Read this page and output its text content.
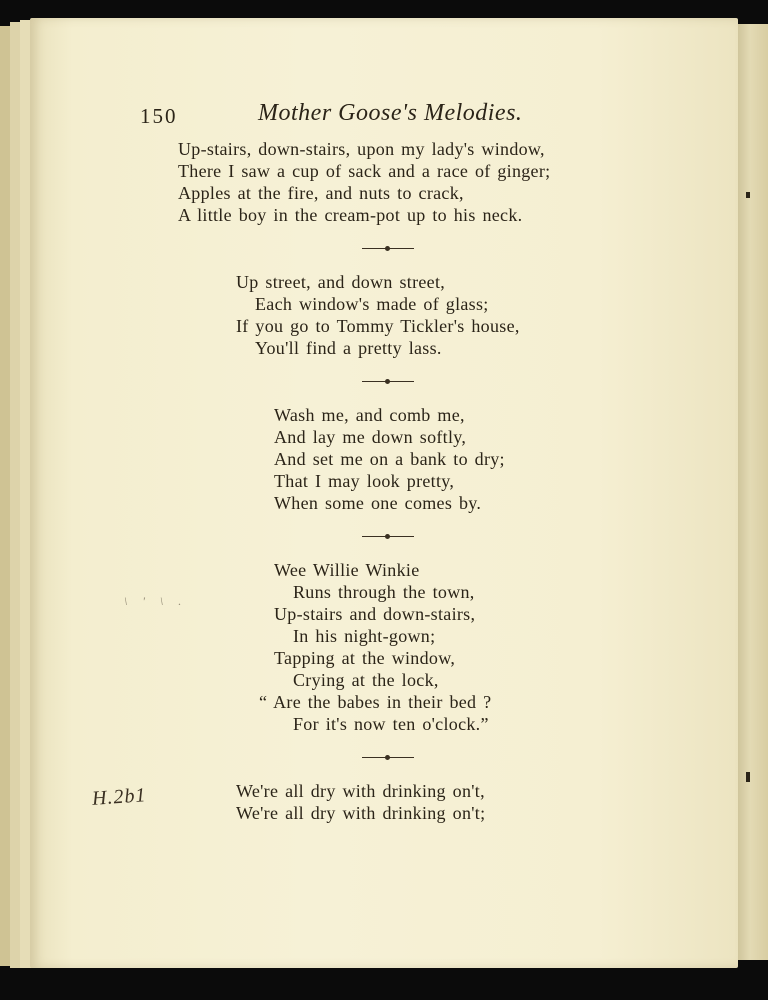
150	Mother Goose's Melodies.
Up-stairs, down-stairs, upon my lady's window,
There I saw a cup of sack and a race of ginger;
Apples at the fire, and nuts to crack,
A little boy in the cream-pot up to his neck.
Up street, and down street,
Each window's made of glass;
If you go to Tommy Tickler's house,
You'll find a pretty lass.
Wash me, and comb me,
And lay me down softly,
And set me on a bank to dry;
That I may look pretty,
When some one comes by.
Wee Willie Winkie
Runs through the town,
Up-stairs and down-stairs,
In his night-gown;
Tapping at the window,
Crying at the lock,
“ Are the babes in their bed ?
For it's now ten o'clock.”
We're all dry with drinking on't,
We're all dry with drinking on't;
\ ' \ .
H.2b1
